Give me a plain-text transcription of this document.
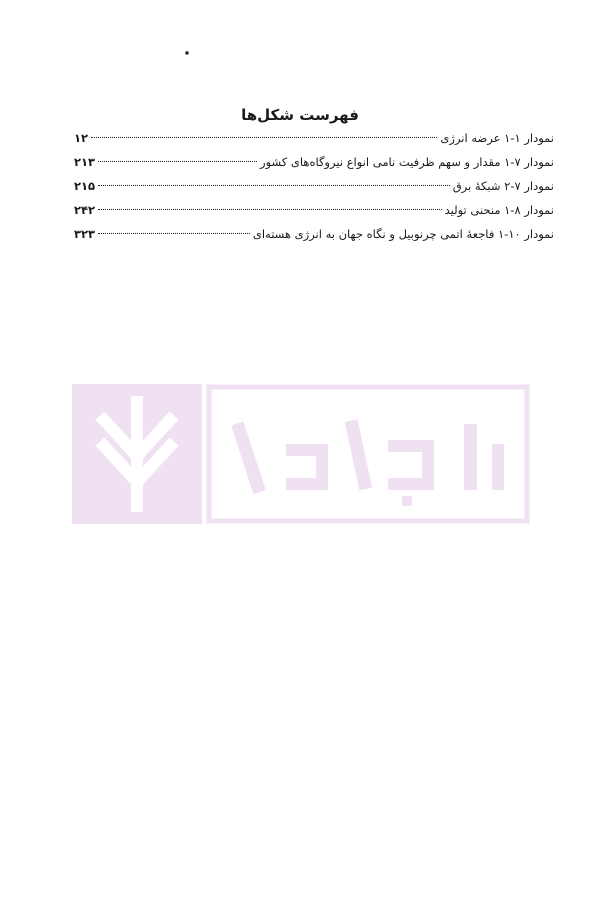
٠
فهرست شکل‌ها
نمودار ۱-۱ عرضه انرژی
۱۲
نمودار ۷-۱ مقدار و سهم ظرفیت نامی انواع نیروگاه‌های کشور
۲۱۳
نمودار ۷-۲ شبکهٔ برق
۲۱۵
نمودار ۸-۱ منحنی تولید
۲۴۲
نمودار ۱۰-۱ فاجعهٔ اتمی چرنوبیل و نگاه جهان به انرژی هسته‌ای
۳۲۳
